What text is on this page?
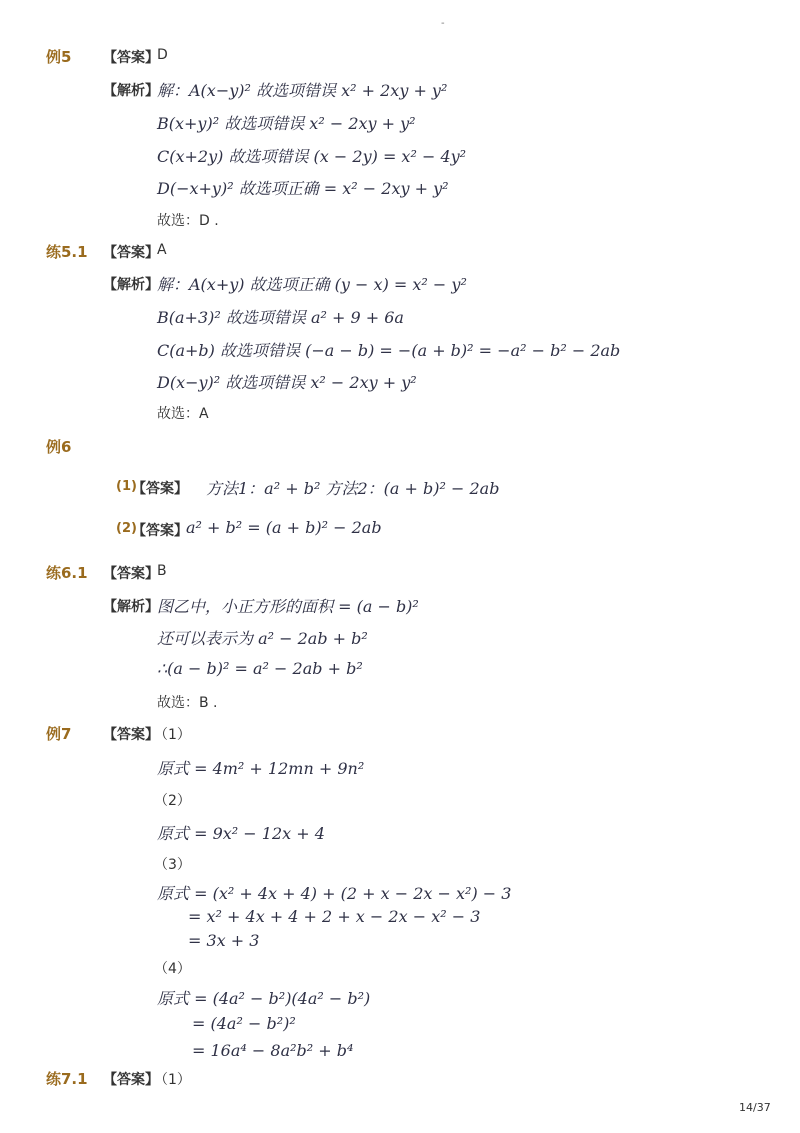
-
例5 【答案】
D
【解析】
解：A(x−y)² 故选项错误 x² + 2xy + y²
B(x+y)² 故选项错误 x² − 2xy + y²
C(x+2y) 故选项错误 (x − 2y) = x² − 4y²
D(−x+y)² 故选项正确 = x² − 2xy + y²
故选：D .
练5.1 【答案】
A
【解析】
解：A(x+y) 故选项正确 (y − x) = x² − y²
B(a+3)² 故选项错误 a² + 9 + 6a
C(a+b) 故选项错误 (−a − b) = −(a + b)² = −a² − b² − 2ab
D(x−y)² 故选项错误 x² − 2xy + y²
故选：A
例6
(1)
【答案】 方法1：a² + b² 方法2：(a + b)² − 2ab
(2)
【答案】
a² + b² = (a + b)² − 2ab
练6.1 【答案】
B
【解析】
图乙中，小正方形的面积 = (a − b)²
还可以表示为 a² − 2ab + b²
∴(a − b)² = a² − 2ab + b²
故选：B .
例7 【答案】
（1）
原式 = 4m² + 12mn + 9n²
（2）
原式 = 9x² − 12x + 4
（3）
原式 = (x² + 4x + 4) + (2 + x − 2x − x²) − 3
= x² + 4x + 4 + 2 + x − 2x − x² − 3
= 3x + 3
（4）
原式 = (4a² − b²)(4a² − b²)
= (4a² − b²)²
= 16a⁴ − 8a²b² + b⁴
练7.1 【答案】
（1）
14/37
